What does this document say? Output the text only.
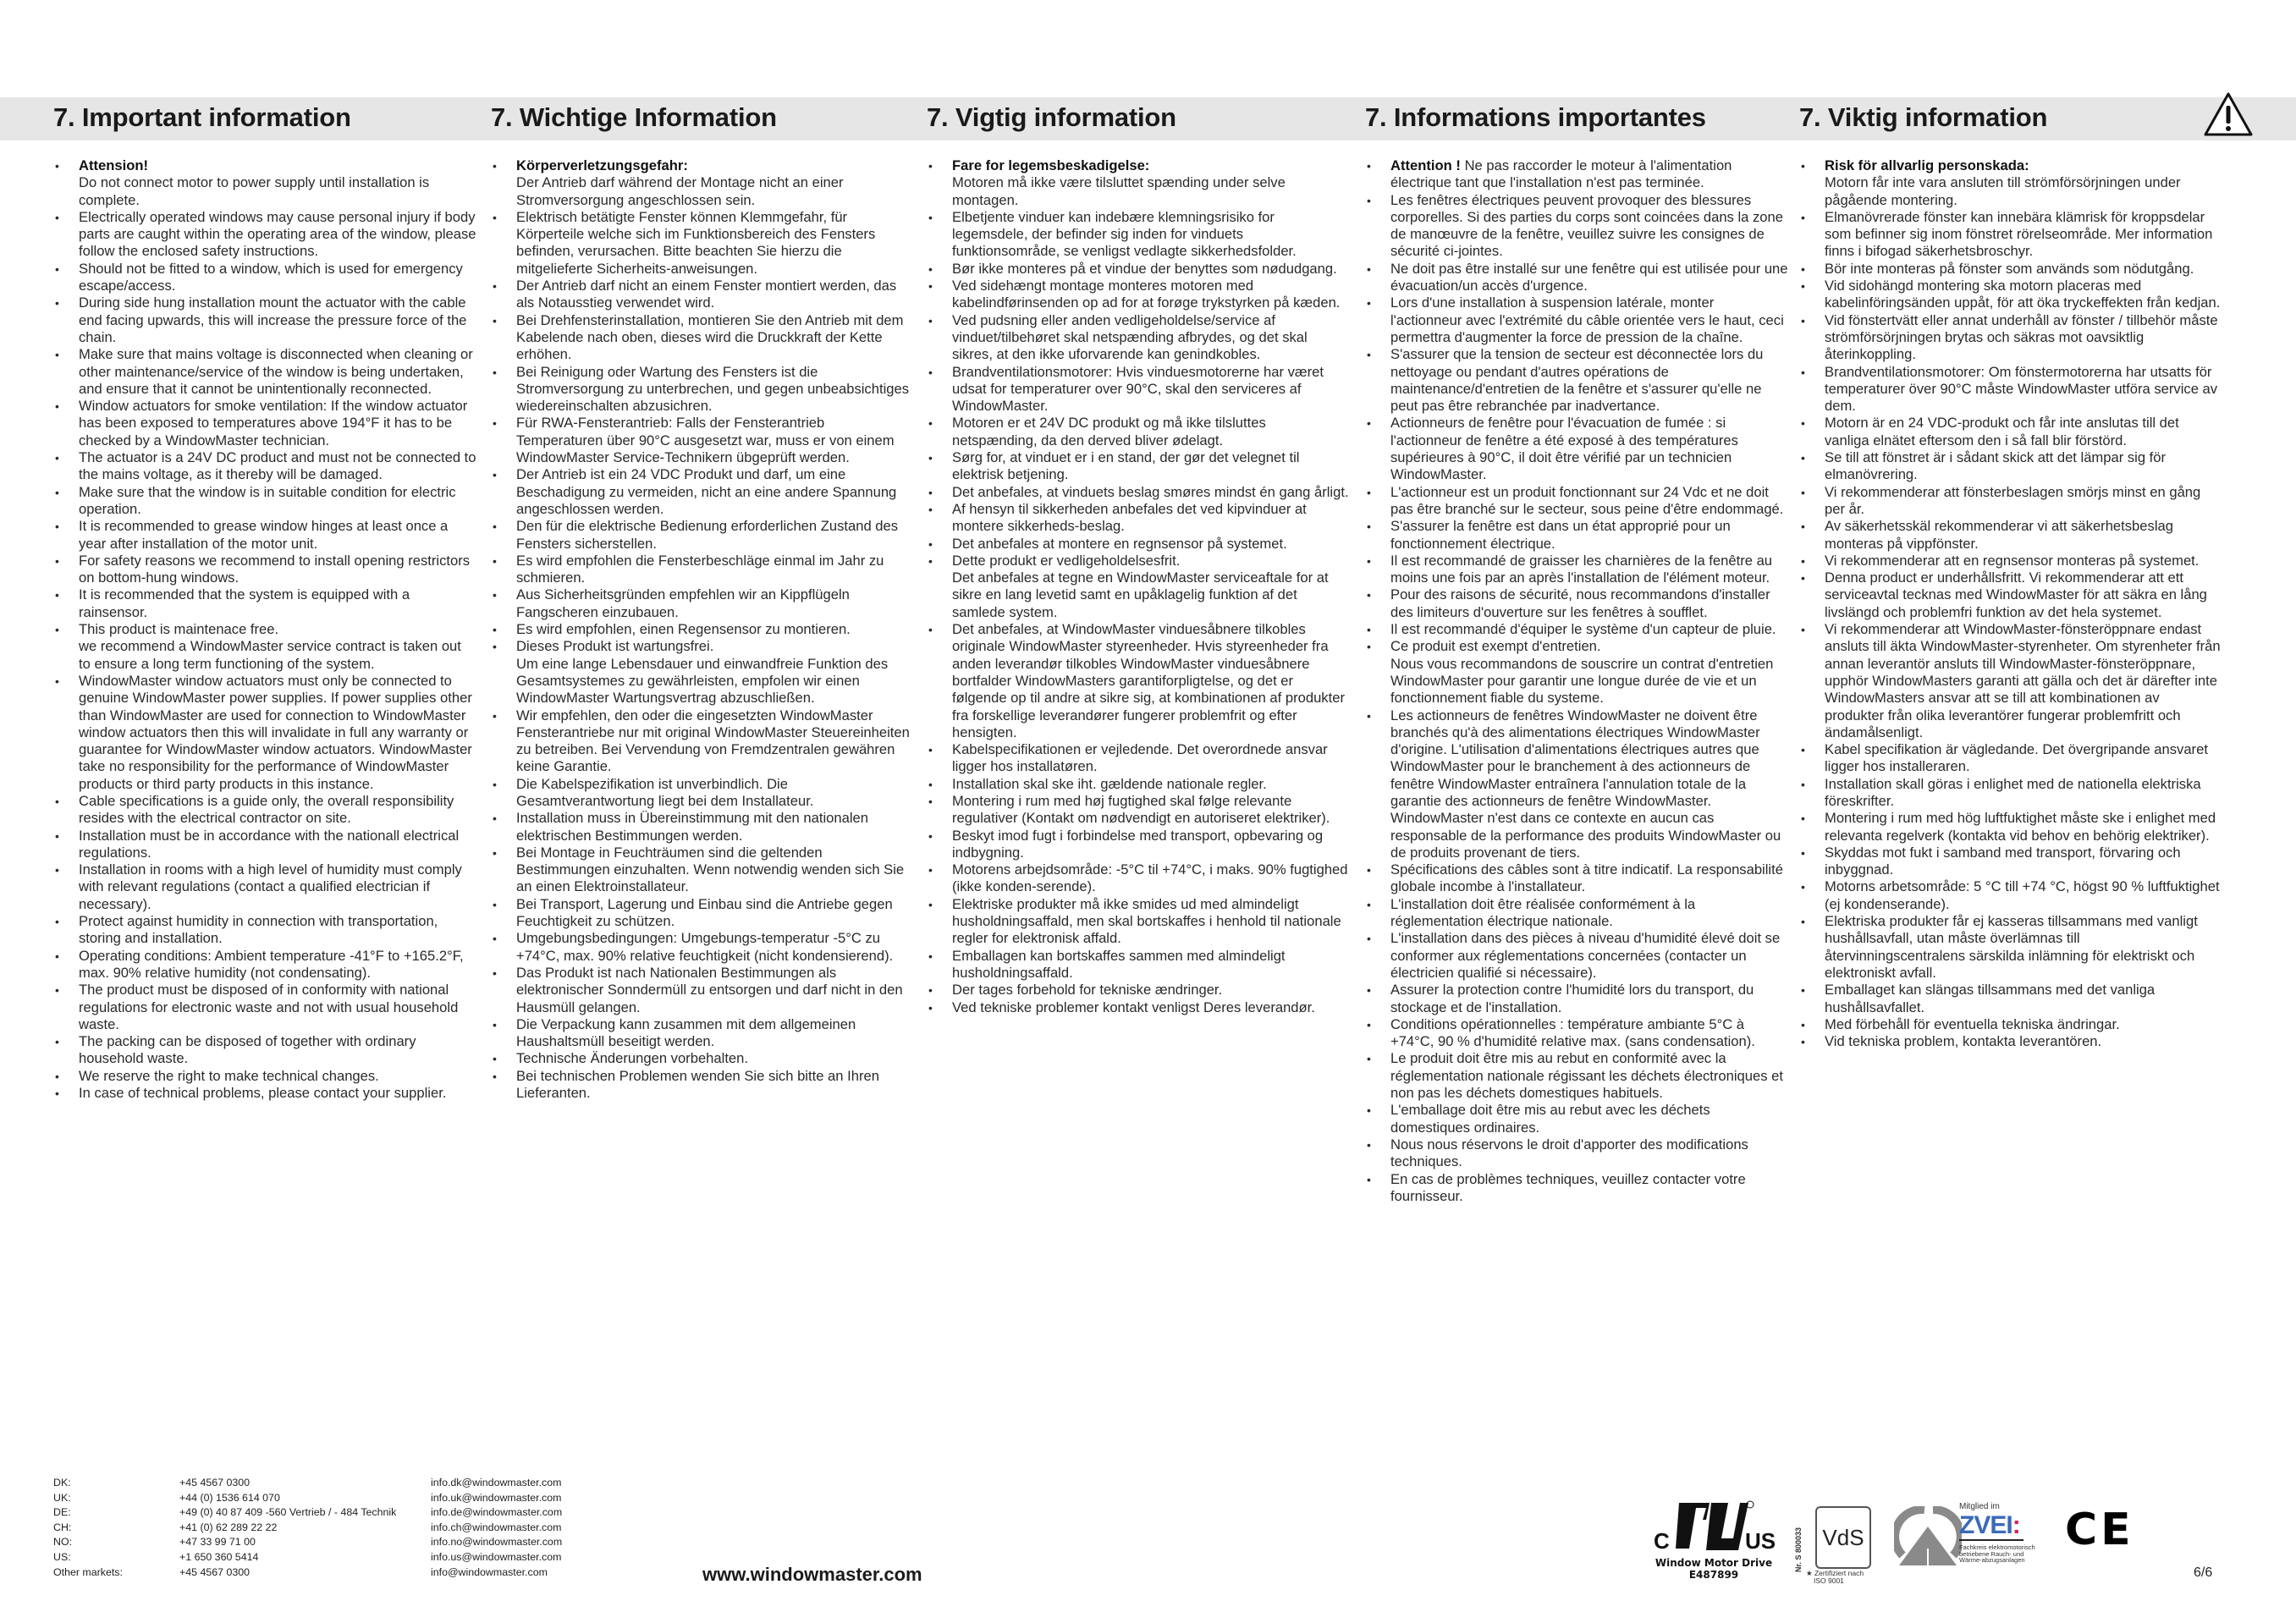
7. Important information
• Attension!
Do not connect motor to power supply until installation is complete.
• Electrically operated windows may cause personal injury if body parts are caught within the operating area of the window, please follow the enclosed safety instructions.
• Should not be fitted to a window, which is used for emergency escape/access.
• During side hung installation mount the actuator with the cable end facing upwards, this will increase the pressure force of the chain.
• Make sure that mains voltage is disconnected when cleaning or other maintenance/service of the window is being undertaken, and ensure that it cannot be unintentionally reconnected.
• Window actuators for smoke ventilation: If the window actuator has been exposed to temperatures above 194°F it has to be checked by a WindowMaster technician.
• The actuator is a 24V DC product and must not be connected to the mains voltage, as it thereby will be damaged.
• Make sure that the window is in suitable condition for electric operation.
• It is recommended to grease window hinges at least once a year after installation of the motor unit.
• For safety reasons we recommend to install opening restrictors on bottom-hung windows.
• It is recommended that the system is equipped with a rainsensor.
• This product is maintenace free.
we recommend a WindowMaster service contract is taken out to ensure a long term functioning of the system.
• WindowMaster window actuators must only be connected to genuine WindowMaster power supplies. If power supplies other than WindowMaster are used for connection to WindowMaster window actuators then this will invalidate in full any warranty or guarantee for WindowMaster window actuators. WindowMaster take no responsibility for the performance of WindowMaster products or third party products in this instance.
• Cable specifications is a guide only, the overall responsibility resides with the electrical contractor on site.
• Installation must be in accordance with the nationall electrical regulations.
• Installation in rooms with a high level of humidity must comply with relevant regulations (contact a qualified electrician if necessary).
• Protect against humidity in connection with transportation, storing and installation.
• Operating conditions: Ambient temperature -41°F to +165.2°F, max. 90% relative humidity (not condensating).
• The product must be disposed of in conformity with national regulations for electronic waste and not with usual household waste.
• The packing can be disposed of together with ordinary household waste.
• We reserve the right to make technical changes.
• In case of technical problems, please contact your supplier.
7. Wichtige Information
• Körperverletzungsgefahr:
Der Antrieb darf während der Montage nicht an einer Stromversorgung angeschlossen sein.
• Elektrisch betätigte Fenster können Klemmgefahr, für Körperteile welche sich im Funktionsbereich des Fensters befinden, verursachen. Bitte beachten Sie hierzu die mitgelieferte Sicherheits-anweisungen.
• Der Antrieb darf nicht an einem Fenster montiert werden, das als Notausstieg verwendet wird.
• Bei Drehfensterinstallation, montieren Sie den Antrieb mit dem Kabelende nach oben, dieses wird die Druckkraft der Kette erhöhen.
• Bei Reinigung oder Wartung des Fensters ist die Stromversorgung zu unterbrechen, und gegen unbeabsichtiges wiedereinschalten abzusichren.
• Für RWA-Fensterantrieb: Falls der Fensterantrieb Temperaturen über 90°C ausgesetzt war, muss er von einem WindowMaster Service-Technikern übgeprüft werden.
• Der Antrieb ist ein 24 VDC Produkt und darf, um eine Beschadigung zu vermeiden, nicht an eine andere Spannung angeschlossen werden.
• Den für die elektrische Bedienung erforderlichen Zustand des Fensters sicherstellen.
• Es wird empfohlen die Fensterbeschläge einmal im Jahr zu schmieren.
• Aus Sicherheitsgründen empfehlen wir an Kippflügeln Fangscheren einzubauen.
• Es wird empfohlen, einen Regensensor zu montieren.
• Dieses Produkt ist wartungsfrei.
Um eine lange Lebensdauer und einwandfreie Funktion des Gesamtsystemes zu gewährleisten, empfolen wir einen WindowMaster Wartungsvertrag abzuschließen.
• Wir empfehlen, den oder die eingesetzten WindowMaster Fensterantriebe nur mit original WindowMaster Steuereinheiten zu betreiben. Bei Vervendung von Fremdzentralen gewähren keine Garantie.
• Die Kabelspezifikation ist unverbindlich. Die Gesamtverantwortung liegt bei dem Installateur.
• Installation muss in Übereinstimmung mit den nationalen elektrischen Bestimmungen werden.
• Bei Montage in Feuchträumen sind die geltenden Bestimmungen einzuhalten. Wenn notwendig wenden sich Sie an einen Elektroinstallateur.
• Bei Transport, Lagerung und Einbau sind die Antriebe gegen Feuchtigkeit zu schützen.
• Umgebungsbedingungen: Umgebungs-temperatur -5°C zu +74°C, max. 90% relative feuchtigkeit (nicht kondensierend).
• Das Produkt ist nach Nationalen Bestimmungen als elektronischer Sonndermüll zu entsorgen und darf nicht in den Hausmüll gelangen.
• Die Verpackung kann zusammen mit dem allgemeinen Haushaltsmüll beseitigt werden.
• Technische Änderungen vorbehalten.
• Bei technischen Problemen wenden Sie sich bitte an Ihren Lieferanten.
7. Vigtig information
• Fare for legemsbeskadigelse:
Motoren må ikke være tilsluttet spænding under selve montagen.
• Elbetjente vinduer kan indebære klemningsrisiko for legemsdele, der befinder sig inden for vinduets funktionsområde, se venligst vedlagte sikkerhedsfolder.
• Bør ikke monteres på et vindue der benyttes som nødudgang.
• Ved sidehængt montage monteres motoren med kabelindførinsenden op ad for at forøge trykstyrken på kæden.
• Ved pudsning eller anden vedligeholdelse/service af vinduet/tilbehøret skal netspænding afbrydes, og det skal sikres, at den ikke uforvarende kan genindkobles.
• Brandventilationsmotorer: Hvis vinduesmotorerne har været udsat for temperaturer over 90°C, skal den serviceres af WindowMaster.
• Motoren er et 24V DC produkt og må ikke tilsluttes netspænding, da den derved bliver ødelagt.
• Sørg for, at vinduet er i en stand, der gør det velegnet til elektrisk betjening.
• Det anbefales, at vinduets beslag smøres mindst én gang årligt.
• Af hensyn til sikkerheden anbefales det ved kipvinduer at montere sikkerheds-beslag.
• Det anbefales at montere en regnsensor på systemet.
• Dette produkt er vedligeholdelsesfrit.
Det anbefales at tegne en WindowMaster serviceaftale for at sikre en lang levetid samt en upåklagelig funktion af det samlede system.
• Det anbefales, at WindowMaster vinduesåbnere tilkobles originale WindowMaster styreenheder. Hvis styreenheder fra anden leverandør tilkobles WindowMaster vinduesåbnere bortfalder WindowMasters garantiforpligtelse, og det er følgende op til andre at sikre sig, at kombinationen af produkter fra forskellige leverandører fungerer problemfrit og efter hensigten.
• Kabelspecifikationen er vejledende. Det overordnede ansvar ligger hos installatøren.
• Installation skal ske iht. gældende nationale regler.
• Montering i rum med høj fugtighed skal følge relevante regulativer (Kontakt om nødvendigt en autoriseret elektriker).
• Beskyt imod fugt i forbindelse med transport, opbevaring og indbygning.
• Motorens arbejdsområde: -5°C til +74°C, i maks. 90% fugtighed (ikke konden-serende).
• Elektriske produkter må ikke smides ud med almindeligt husholdningsaffald, men skal bortskaffes i henhold til nationale regler for elektronisk affald.
• Emballagen kan bortskaffes sammen med almindeligt husholdningsaffald.
• Der tages forbehold for tekniske ændringer.
• Ved tekniske problemer kontakt venligst Deres leverandør.
7. Informations importantes
• Attention ! Ne pas raccorder le moteur à l'alimentation électrique tant que l'installation n'est pas terminée.
• Les fenêtres électriques peuvent provoquer des blessures corporelles. Si des parties du corps sont coincées dans la zone de manœuvre de la fenêtre, veuillez suivre les consignes de sécurité ci-jointes.
• Ne doit pas être installé sur une fenêtre qui est utilisée pour une évacuation/un accès d'urgence.
• Lors d'une installation à suspension latérale, monter l'actionneur avec l'extrémité du câble orientée vers le haut, ceci permettra d'augmenter la force de pression de la chaîne.
• S'assurer que la tension de secteur est déconnectée lors du nettoyage ou pendant d'autres opérations de maintenance/d'entretien de la fenêtre et s'assurer qu'elle ne peut pas être rebranchée par inadvertance.
• Actionneurs de fenêtre pour l'évacuation de fumée : si l'actionneur de fenêtre a été exposé à des températures supérieures à 90°C, il doit être vérifié par un technicien WindowMaster.
• L'actionneur est un produit fonctionnant sur 24 Vdc et ne doit pas être branché sur le secteur, sous peine d'être endommagé.
• S'assurer la fenêtre est dans un état approprié pour un fonctionnement électrique.
• Il est recommandé de graisser les charnières de la fenêtre au moins une fois par an après l'installation de l'élément moteur.
• Pour des raisons de sécurité, nous recommandons d'installer des limiteurs d'ouverture sur les fenêtres à soufflet.
• Il est recommandé d'équiper le système d'un capteur de pluie.
• Ce produit est exempt d'entretien.
Nous vous recommandons de souscrire un contrat d'entretien WindowMaster pour garantir une longue durée de vie et un fonctionnement fiable du systeme.
• Les actionneurs de fenêtres WindowMaster ne doivent être branchés qu'à des alimentations électriques WindowMaster d'origine. L'utilisation d'alimentations électriques autres que WindowMaster pour le branchement à des actionneurs de fenêtre WindowMaster entraînera l'annulation totale de la garantie des actionneurs de fenêtre WindowMaster. WindowMaster n'est dans ce contexte en aucun cas responsable de la performance des produits WindowMaster ou de produits provenant de tiers.
• Spécifications des câbles sont à titre indicatif. La responsabilité globale incombe à l'installateur.
• L'installation doit être réalisée conformément à la réglementation électrique nationale.
• L'installation dans des pièces à niveau d'humidité élevé doit se conformer aux réglementations concernées (contacter un électricien qualifié si nécessaire).
• Assurer la protection contre l'humidité lors du transport, du stockage et de l'installation.
• Conditions opérationnelles : température ambiante 5°C à +74°C, 90 % d'humidité relative max. (sans condensation).
• Le produit doit être mis au rebut en conformité avec la réglementation nationale régissant les déchets électroniques et non pas les déchets domestiques habituels.
• L'emballage doit être mis au rebut avec les déchets domestiques ordinaires.
• Nous nous réservons le droit d'apporter des modifications techniques.
• En cas de problèmes techniques, veuillez contacter votre fournisseur.
7. Viktig information
• Risk för allvarlig personskada:
Motorn får inte vara ansluten till strömförsörjningen under pågående montering.
• Elmanövrerade fönster kan innebära klämrisk för kroppsdelar som befinner sig inom fönstret rörelseområde. Mer information finns i bifogad säkerhetsbroschyr.
• Bör inte monteras på fönster som används som nödutgång.
• Vid sidohängd montering ska motorn placeras med kabelinföringsänden uppåt, för att öka tryckeffekten från kedjan.
• Vid fönstertvätt eller annat underhåll av fönster / tillbehör måste strömförsörjningen brytas och säkras mot oavsiktlig återinkoppling.
• Brandventilationsmotorer: Om fönstermotorerna har utsatts för temperaturer över 90°C måste WindowMaster utföra service av dem.
• Motorn är en 24 VDC-produkt och får inte anslutas till det vanliga elnätet eftersom den i så fall blir förstörd.
• Se till att fönstret är i sådant skick att det lämpar sig för elmanövrering.
• Vi rekommenderar att fönsterbeslagen smörjs minst en gång per år.
• Av säkerhetsskäl rekommenderar vi att säkerhetsbeslag monteras på vippfönster.
• Vi rekommenderar att en regnsensor monteras på systemet.
• Denna product er underhållsfritt. Vi rekommenderar att ett serviceavtal tecknas med WindowMaster för att säkra en lång livslängd och problemfri funktion av det hela systemet.
• Vi rekommenderar att WindowMaster-fönsteröppnare endast ansluts till äkta WindowMaster-styrenheter. Om styrenheter från annan leverantör ansluts till WindowMaster-fönsteröppnare, upphör WindowMasters garanti att gälla och det är därefter inte WindowMasters ansvar att se till att kombinationen av produkter från olika leverantörer fungerar problemfritt och ändamålsenligt.
• Kabel specifikation är vägledande. Det övergripande ansvaret ligger hos installeraren.
• Installation skall göras i enlighet med de nationella elektriska föreskrifter.
• Montering i rum med hög luftfuktighet måste ske i enlighet med relevanta regelverk (kontakta vid behov en behörig elektriker).
• Skyddas mot fukt i samband med transport, förvaring och inbyggnad.
• Motorns arbetsområde: 5 °C till +74 °C, högst 90 % luftfuktighet (ej kondenserande).
• Elektriska produkter får ej kasseras tillsammans med vanligt hushållsavfall, utan måste överlämnas till återvinningscentralens särskilda inlämning för elektriskt och elektroniskt avfall.
• Emballaget kan slängas tillsammans med det vanliga hushållsavfallet.
• Med förbehåll för eventuella tekniska ändringar.
• Vid tekniska problem, kontakta leverantören.
DK:	+45 4567 0300	info.dk@windowmaster.com
UK:	+44 (0) 1536 614 070	info.uk@windowmaster.com
DE:	+49 (0) 40 87 409 -560 Vertrieb / - 484 Technik	info.de@windowmaster.com
CH:	+41 (0) 62 289 22 22	info.ch@windowmaster.com
NO:	+47 33 99 71 00	info.no@windowmaster.com
US:	+1 650 360 5414	info.us@windowmaster.com
Other markets:	+45 4567 0300	info@windowmaster.com	www.windowmaster.com
C	US
Window Motor Drive
E487899
Nr. S 800033 VdS
★ Zertifiziert nach
ISO 9001
Mitglied im
ZVEI:
Fachkreis elektromotorisch betriebene Rauch- und Wärme-abzugsanlagen
CE
6/6
